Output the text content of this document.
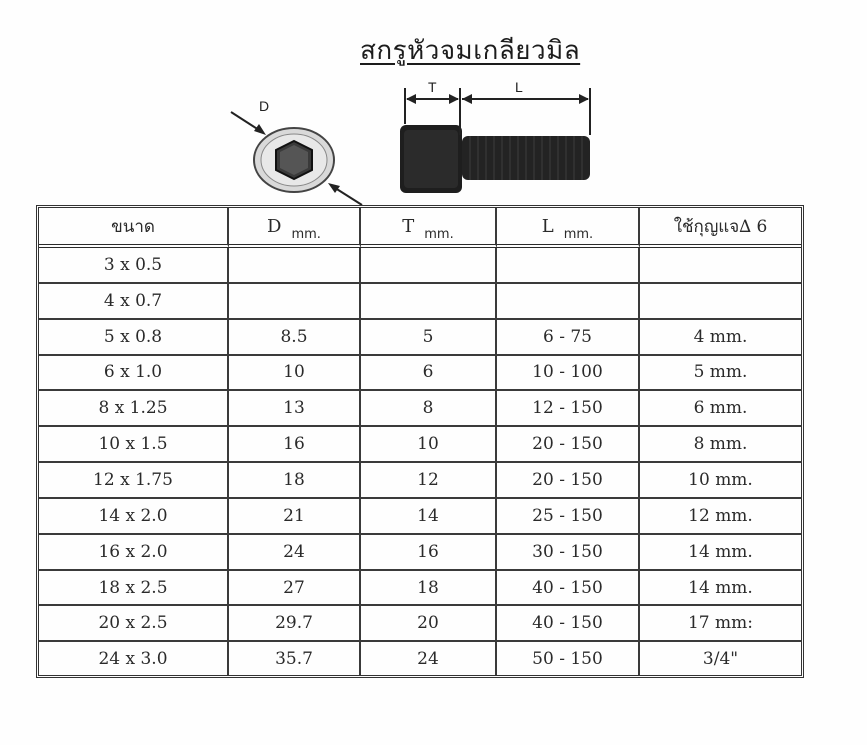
สกรูหัวจมเกลียวมิล
D
T	L
ขนาด	D $_{mm.}$	T $_{mm.}$	L $_{mm.}$	ใช้กุญแจ∆ 6
3 x 0.5				
4 x 0.7				
5 x 0.8	8.5	5	6 - 75	4 mm.
6 x 1.0	10	6	10 - 100	5 mm.
8 x 1.25	13	8	12 - 150	6 mm.
10 x 1.5	16	10	20 - 150	8 mm.
12 x 1.75	18	12	20 - 150	10 mm.
14 x 2.0	21	14	25 - 150	12 mm.
16 x 2.0	24	16	30 - 150	14 mm.
18 x 2.5	27	18	40 - 150	14 mm.
20 x 2.5	29.7	20	40 - 150	17 mm:
24 x 3.0	35.7	24	50 - 150	3/4"
